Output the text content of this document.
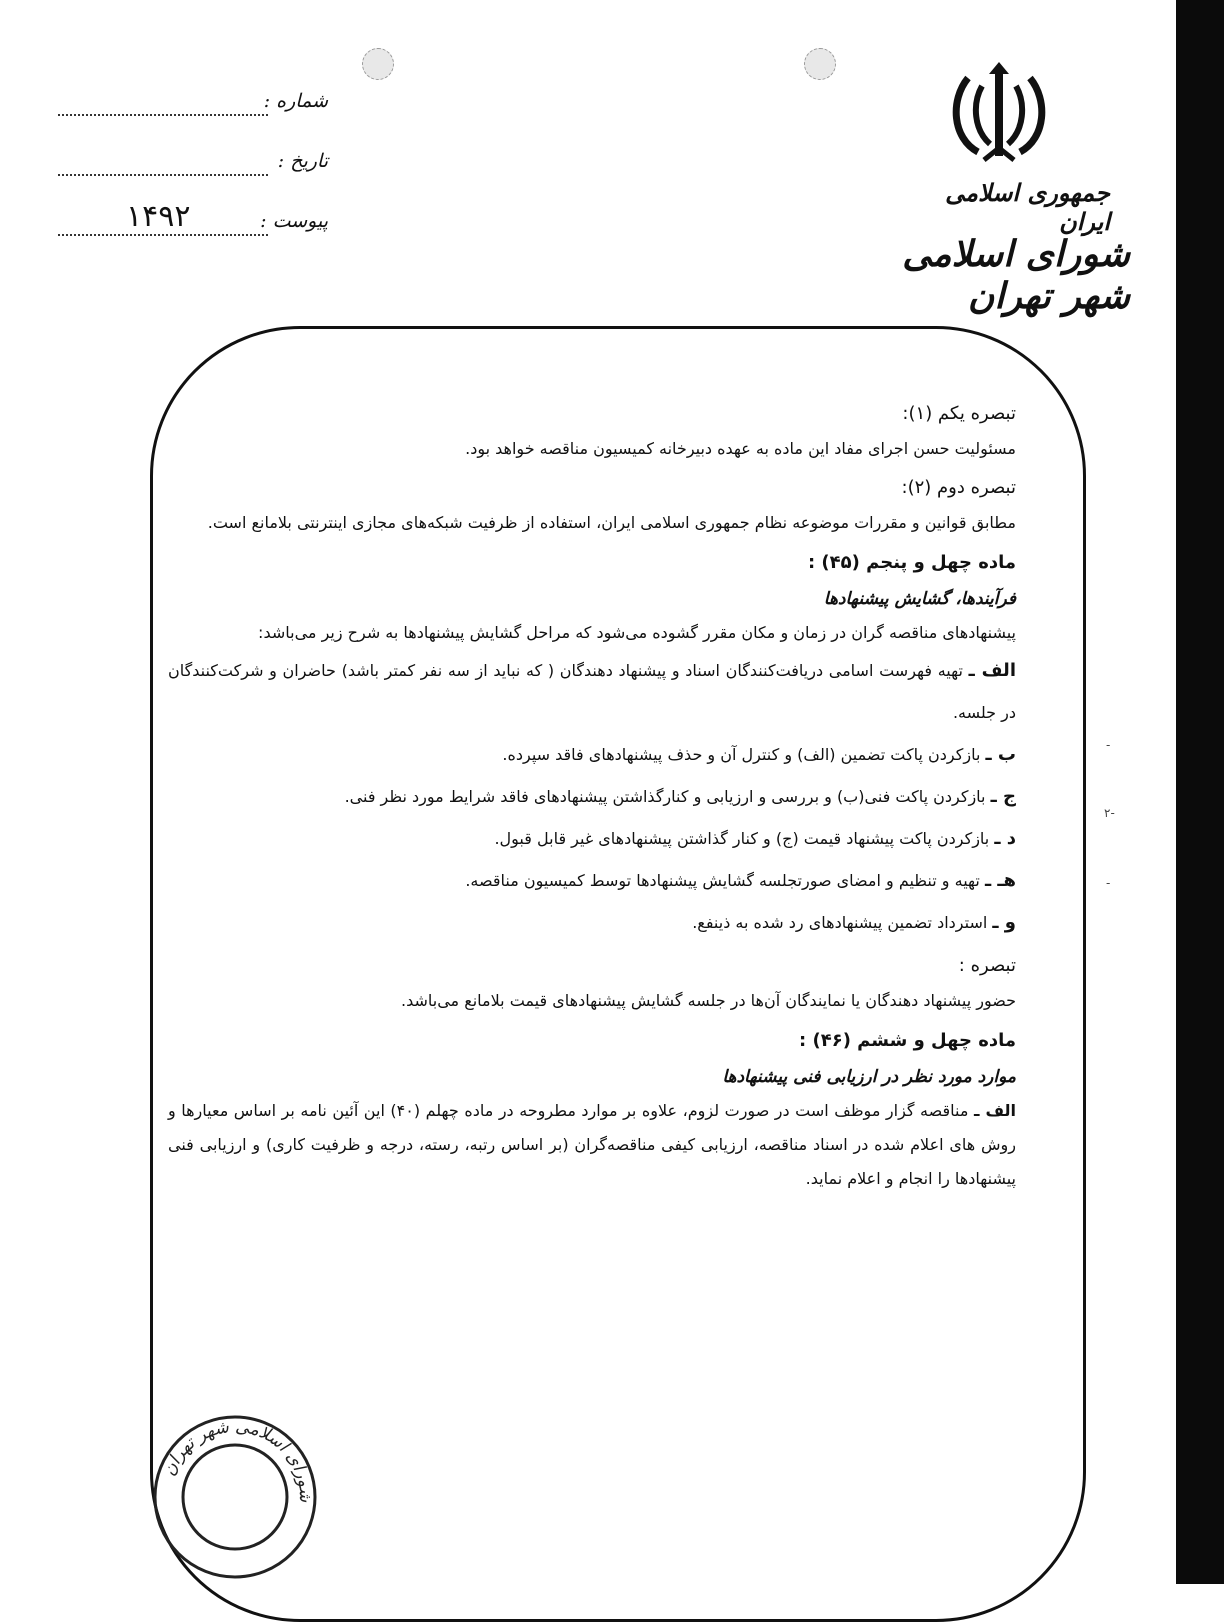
۲-
-
-
شماره :
تاریخ :
پیوست :
۱۴۹۲
جمهوری اسلامی ایران
شورای اسلامی شهر تهران

تبصره یکم (۱):

مسئولیت حسن اجرای مفاد این ماده به عهده دبیرخانه کمیسیون مناقصه خواهد بود.

تبصره دوم (۲):

مطابق قوانین و مقررات موضوعه نظام جمهوری اسلامی ایران، استفاده از ظرفیت شبکه‌های مجازی اینترنتی بلامانع است.

ماده چهل و پنجم (۴۵) :

فرآیندها، گشایش پیشنهادها

پیشنهادهای مناقصه گران در زمان و مکان مقرر گشوده می‌شود که مراحل گشایش پیشنهادها به شرح زیر می‌باشد:

الف ـ تهیه فهرست اسامی دریافت‌کنندگان اسناد و پیشنهاد دهندگان ( که نباید از سه نفر کمتر باشد) حاضران و شرکت‌کنندگان در جلسه.

ب ـ بازکردن پاکت تضمین (الف) و کنترل آن و حذف پیشنهادهای فاقد سپرده.

ج ـ بازکردن پاکت فنی(ب) و بررسی و ارزیابی و کنارگذاشتن پیشنهادهای فاقد شرایط مورد نظر فنی.

د ـ بازکردن پاکت پیشنهاد قیمت (ج) و کنار گذاشتن پیشنهادهای غیر قابل قبول.

هـ ـ تهیه و تنظیم و امضای صورتجلسه گشایش پیشنهادها توسط کمیسیون مناقصه.

و ـ استرداد تضمین پیشنهادهای رد شده به ذینفع.

تبصره :

حضور پیشنهاد دهندگان یا نمایندگان آن‌ها در جلسه گشایش پیشنهادهای قیمت بلامانع می‌باشد.

ماده چهل و ششم (۴۶) :

موارد مورد نظر در ارزیابی فنی پیشنهادها

الف ـ مناقصه گزار موظف است در صورت لزوم، علاوه بر موارد مطروحه در ماده چهلم (۴۰) این آئین نامه بر اساس معیارها و روش های اعلام شده در اسناد مناقصه، ارزیابی کیفی مناقصه‌گران (بر اساس رتبه، رسته، درجه و ظرفیت کاری) و ارزیابی فنی پیشنهادها را انجام و اعلام نماید.

شورای اسلامی شهر تهران
